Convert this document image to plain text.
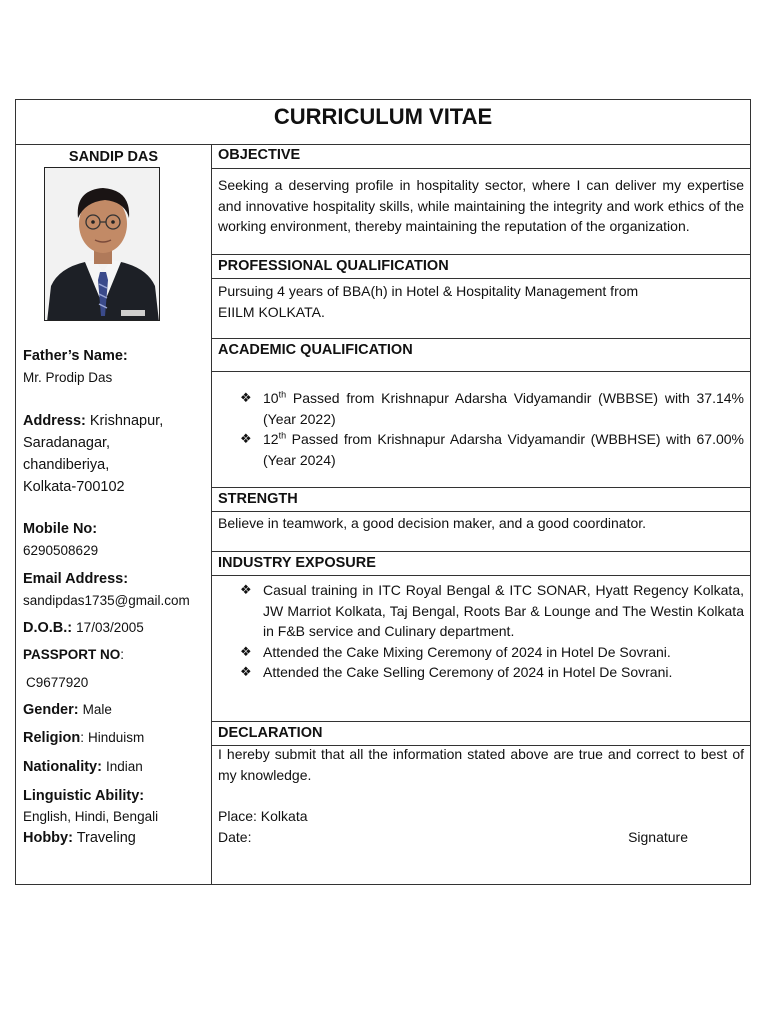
CURRICULUM VITAE
SANDIP DAS
Father’s Name:
Mr. Prodip Das
Address: Krishnapur,
Saradanagar,
chandiberiya,
Kolkata-700102
Mobile No:
6290508629
Email Address:
sandipdas1735@gmail.com
D.O.B.: 17/03/2005
PASSPORT NO:
C9677920
Gender: Male
Religion: Hinduism
Nationality: Indian
Linguistic Ability:
English, Hindi, Bengali
Hobby: Traveling
OBJECTIVE
Seeking a deserving profile in hospitality sector, where I can deliver my expertise and innovative hospitality skills, while maintaining the integrity and work ethics of the working environment, thereby maintaining the reputation of the organization.
PROFESSIONAL QUALIFICATION
Pursuing 4 years of BBA(h) in Hotel & Hospitality Management from
EIILM KOLKATA.
ACADEMIC QUALIFICATION
❖ 10th Passed from Krishnapur Adarsha Vidyamandir (WBBSE) with 37.14% (Year 2022)
❖ 12th Passed from Krishnapur Adarsha Vidyamandir (WBBHSE) with 67.00% (Year 2024)
STRENGTH
Believe in teamwork, a good decision maker, and a good coordinator.
INDUSTRY EXPOSURE
❖ Casual training in ITC Royal Bengal & ITC SONAR, Hyatt Regency Kolkata, JW Marriot Kolkata, Taj Bengal, Roots Bar & Lounge and The Westin Kolkata in F&B service and Culinary department.
❖ Attended the Cake Mixing Ceremony of 2024 in Hotel De Sovrani.
❖ Attended the Cake Selling Ceremony of 2024 in Hotel De Sovrani.
DECLARATION
I hereby submit that all the information stated above are true and correct to best of my knowledge.
Place: Kolkata
Date:	Signature
